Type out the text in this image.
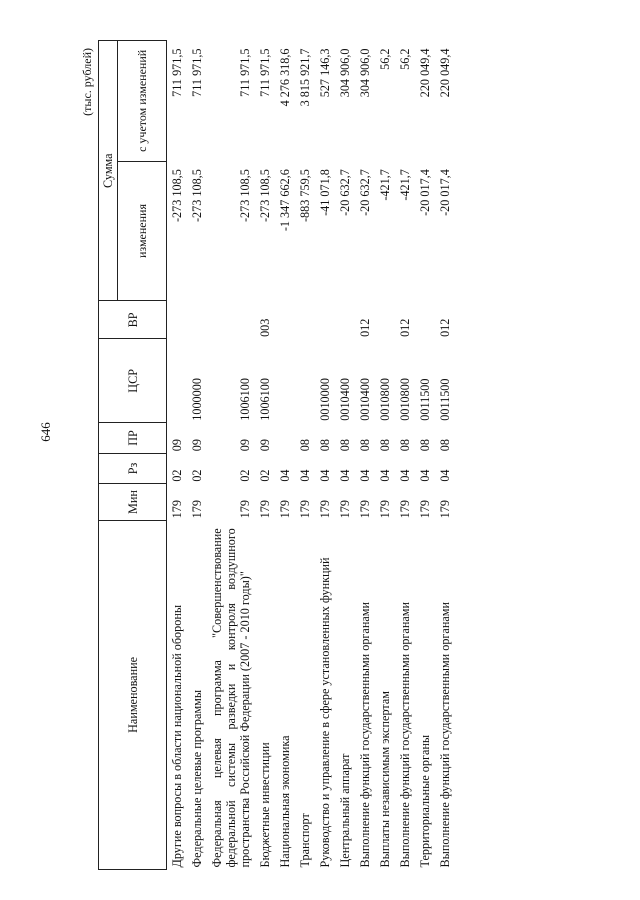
646
(тыс. рублей)
Наименование	Мин	Рз	ПР	ЦСР	ВР	Сумма	
						изменения	с учетом изменений
Другие вопросы в области национальной обороны	179	02	09			-273 108,5	711 971,5
Федеральные целевые программы	179	02	09	1000000		-273 108,5	711 971,5
Федеральная целевая программа "Совершенствование федеральной системы разведки и контроля воздушного пространства Российской Федерации (2007 - 2010 годы)"	179	02	09	1006100		-273 108,5	711 971,5
Бюджетные инвестиции	179	02	09	1006100	003	-273 108,5	711 971,5
Национальная экономика	179	04				-1 347 662,6	4 276 318,6
Транспорт	179	04	08			-883 759,5	3 815 921,7
Руководство и управление в сфере установленных функций	179	04	08	0010000		-41 071,8	527 146,3
Центральный аппарат	179	04	08	0010400		-20 632,7	304 906,0
Выполнение функций государственными органами	179	04	08	0010400	012	-20 632,7	304 906,0
Выплаты независимым экспертам	179	04	08	0010800		-421,7	56,2
Выполнение функций государственными органами	179	04	08	0010800	012	-421,7	56,2
Территориальные органы	179	04	08	0011500		-20 017,4	220 049,4
Выполнение функций государственными органами	179	04	08	0011500	012	-20 017,4	220 049,4
